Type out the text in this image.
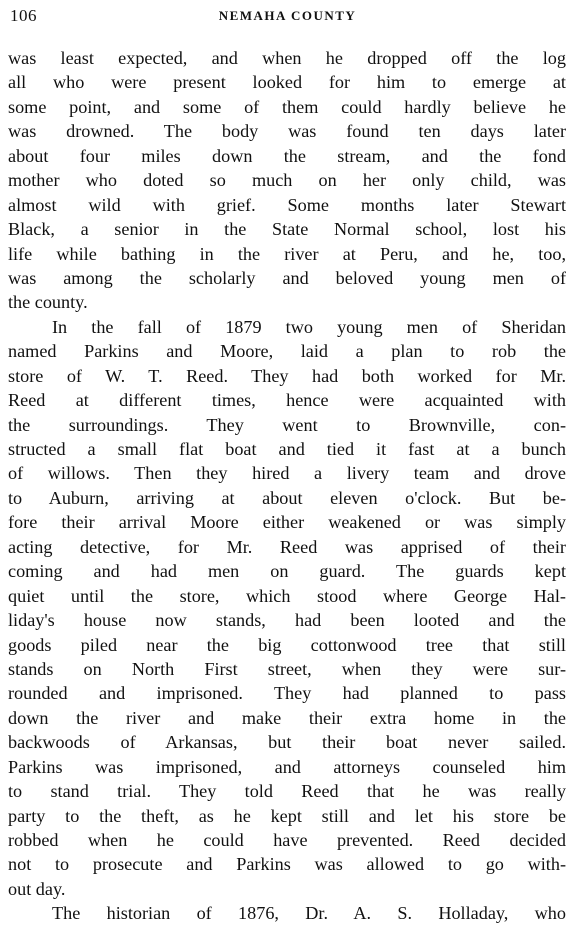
106	NEMAHA COUNTY
was least expected, and when he dropped off the log
all who were present looked for him to emerge at
some point, and some of them could hardly believe he
was drowned. The body was found ten days later
about four miles down the stream, and the fond
mother who doted so much on her only child, was
almost wild with grief. Some months later Stewart
Black, a senior in the State Normal school, lost his
life while bathing in the river at Peru, and he, too,
was among the scholarly and beloved young men of
the county.
In the fall of 1879 two young men of Sheridan
named Parkins and Moore, laid a plan to rob the
store of W. T. Reed. They had both worked for Mr.
Reed at different times, hence were acquainted with
the surroundings. They went to Brownville, con-
structed a small flat boat and tied it fast at a bunch
of willows. Then they hired a livery team and drove
to Auburn, arriving at about eleven o'clock. But be-
fore their arrival Moore either weakened or was simply
acting detective, for Mr. Reed was apprised of their
coming and had men on guard. The guards kept
quiet until the store, which stood where George Hal-
liday's house now stands, had been looted and the
goods piled near the big cottonwood tree that still
stands on North First street, when they were sur-
rounded and imprisoned. They had planned to pass
down the river and make their extra home in the
backwoods of Arkansas, but their boat never sailed.
Parkins was imprisoned, and attorneys counseled him
to stand trial. They told Reed that he was really
party to the theft, as he kept still and let his store be
robbed when he could have prevented. Reed decided
not to prosecute and Parkins was allowed to go with-
out day.
The historian of 1876, Dr. A. S. Holladay, who
